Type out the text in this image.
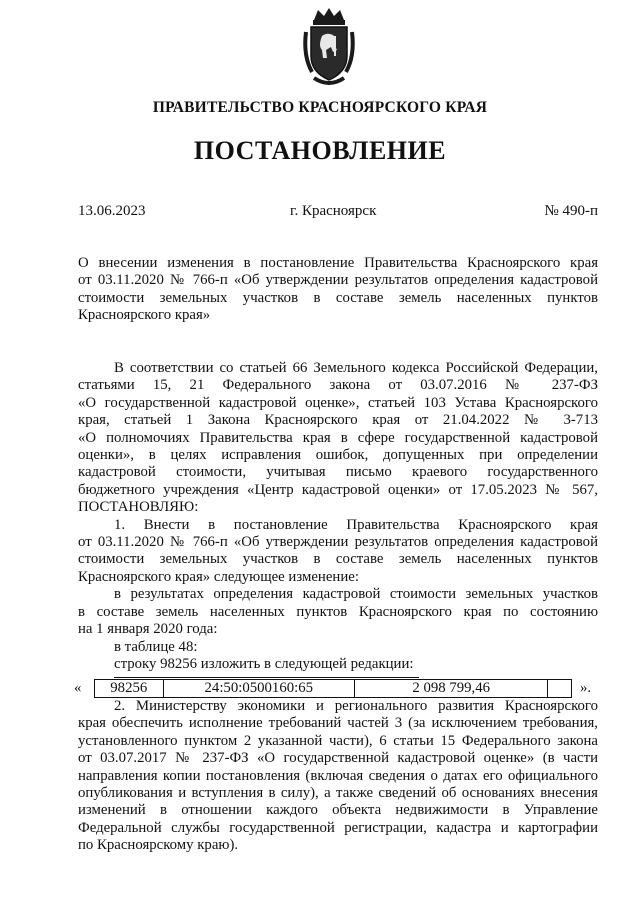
ПРАВИТЕЛЬСТВО КРАСНОЯРСКОГО КРАЯ
ПОСТАНОВЛЕНИЕ
13.06.2023	г. Красноярск	№ 490-п
О внесении изменения в постановление Правительства Красноярского края
от 03.11.2020 № 766-п «Об утверждении результатов определения кадастровой
стоимости земельных участков в составе земель населенных пунктов
Красноярского края»
В соответствии со статьей 66 Земельного кодекса Российской Федерации,
статьями 15, 21 Федерального закона от 03.07.2016 № 237-ФЗ
«О государственной кадастровой оценке», статьей 103 Устава Красноярского
края, статьей 1 Закона Красноярского края от 21.04.2022 № 3-713
«О полномочиях Правительства края в сфере государственной кадастровой
оценки», в целях исправления ошибок, допущенных при определении
кадастровой стоимости, учитывая письмо краевого государственного
бюджетного учреждения «Центр кадастровой оценки» от 17.05.2023 № 567,
ПОСТАНОВЛЯЮ:
1. Внести в постановление Правительства Красноярского края
от 03.11.2020 № 766-п «Об утверждении результатов определения кадастровой
стоимости земельных участков в составе земель населенных пунктов
Красноярского края» следующее изменение:
в результатах определения кадастровой стоимости земельных участков
в составе земель населенных пунктов Красноярского края по состоянию
на 1 января 2020 года:
в таблице 48:
строку 98256 изложить в следующей редакции:
« 98256	24:50:0500160:65	2 098 799,46		».
2. Министерству экономики и регионального развития Красноярского
края обеспечить исполнение требований частей 3 (за исключением требования,
установленного пунктом 2 указанной части), 6 статьи 15 Федерального закона
от 03.07.2017 № 237-ФЗ «О государственной кадастровой оценке» (в части
направления копии постановления (включая сведения о датах его официального
опубликования и вступления в силу), а также сведений об основаниях внесения
изменений в отношении каждого объекта недвижимости в Управление
Федеральной службы государственной регистрации, кадастра и картографии
по Красноярскому краю).
